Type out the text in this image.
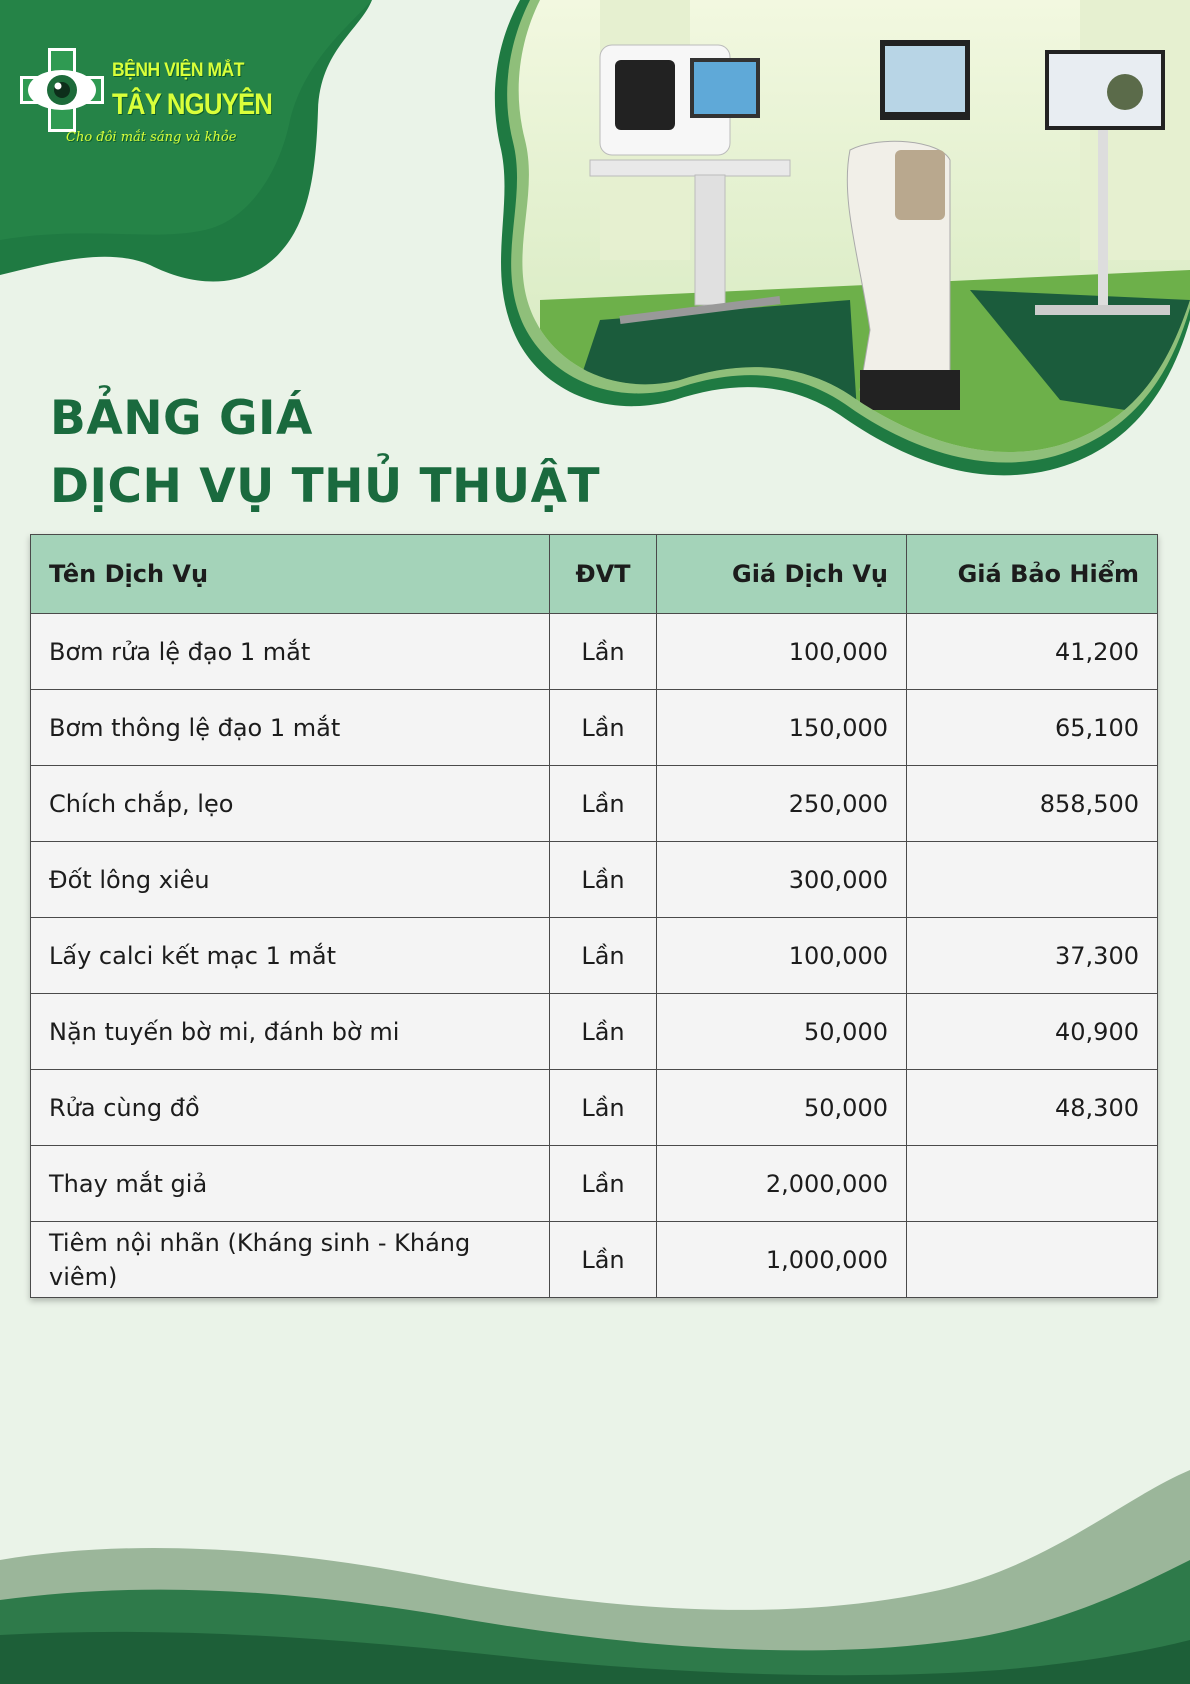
BỆNH VIỆN MẮT
TÂY NGUYÊN
Cho đôi mắt sáng và khỏe
BẢNG GIÁ
DỊCH VỤ THỦ THUẬT
Tên Dịch Vụ	ĐVT	Giá Dịch Vụ	Giá Bảo Hiểm
Bơm rửa lệ đạo 1 mắt	Lần	100,000	41,200
Bơm thông lệ đạo 1 mắt	Lần	150,000	65,100
Chích chắp, lẹo	Lần	250,000	858,500
Đốt lông xiêu	Lần	300,000	
Lấy calci kết mạc 1 mắt	Lần	100,000	37,300
Nặn tuyến bờ mi, đánh bờ mi	Lần	50,000	40,900
Rửa cùng đồ	Lần	50,000	48,300
Thay mắt giả	Lần	2,000,000	
Tiêm nội nhãn (Kháng sinh - Kháng viêm)	Lần	1,000,000	
